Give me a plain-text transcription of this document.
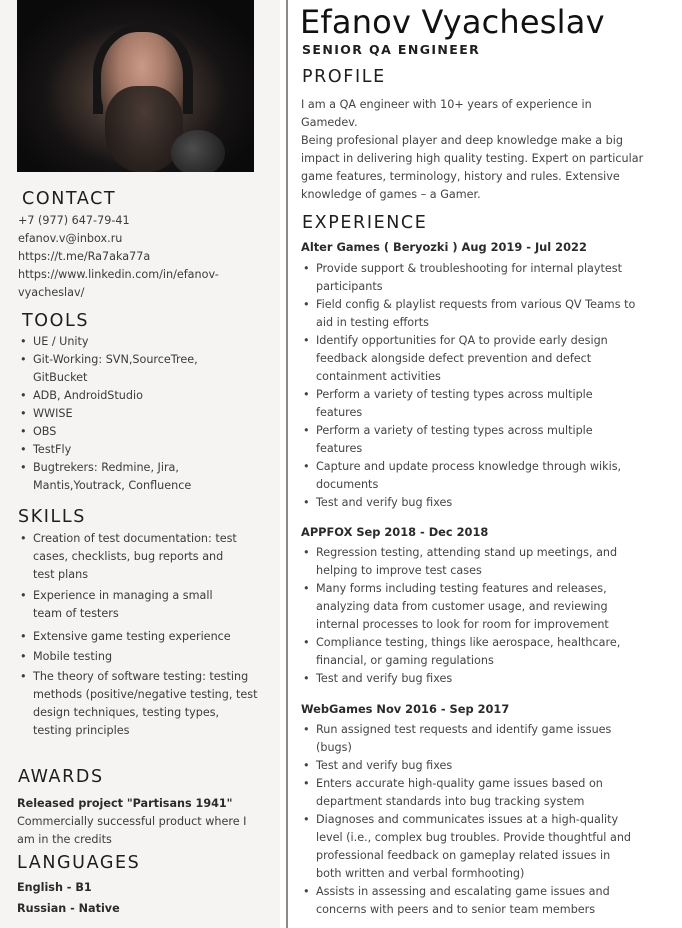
CONTACT
+7 (977) 647-79-41
efanov.v@inbox.ru
https://t.me/Ra7aka77a
https://www.linkedin.com/in/efanov-
vyacheslav/
TOOLS
• UE / Unity
• Git-Working: SVN,SourceTree,
GitBucket
• ADB, AndroidStudio
• WWISE
• OBS
• TestFly
• Bugtrekers: Redmine, Jira,
Mantis,Youtrack, Confluence
SKILLS
• Creation of test documentation: test
cases, checklists, bug reports and
test plans
• Experience in managing a small
team of testers
• Extensive game testing experience
• Mobile testing
• The theory of software testing: testing
methods (positive/negative testing, test
design techniques, testing types,
testing principles
AWARDS
Released project "Partisans 1941"
Commercially successful product where I
am in the credits
LANGUAGES
English - B1
Russian - Native
Efanov Vyacheslav
SENIOR QA ENGINEER
PROFILE

I am a QA engineer with 10+ years of experience in

Gamedev.

Being profesional player and deep knowledge make a big

impact in delivering high quality testing. Expert on particular

game features, terminology, history and rules. Extensive

knowledge of games – a Gamer.

EXPERIENCE
Alter Games ( Beryozki ) Aug 2019 - Jul 2022
• Provide support & troubleshooting for internal playtest
participants
• Field config & playlist requests from various QV Teams to
aid in testing efforts
• Identify opportunities for QA to provide early design
feedback alongside defect prevention and defect
containment activities
• Perform a variety of testing types across multiple
features
• Perform a variety of testing types across multiple
features
• Capture and update process knowledge through wikis,
documents
• Test and verify bug fixes
APPFOX Sep 2018 - Dec 2018
• Regression testing, attending stand up meetings, and
helping to improve test cases
• Many forms including testing features and releases,
analyzing data from customer usage, and reviewing
internal processes to look for room for improvement
• Compliance testing, things like aerospace, healthcare,
financial, or gaming regulations
• Test and verify bug fixes
WebGames Nov 2016 - Sep 2017
• Run assigned test requests and identify game issues
(bugs)
• Test and verify bug fixes
• Enters accurate high-quality game issues based on
department standards into bug tracking system
• Diagnoses and communicates issues at a high-quality
level (i.e., complex bug troubles. Provide thoughtful and
professional feedback on gameplay related issues in
both written and verbal formhooting)
• Assists in assessing and escalating game issues and
concerns with peers and to senior team members
